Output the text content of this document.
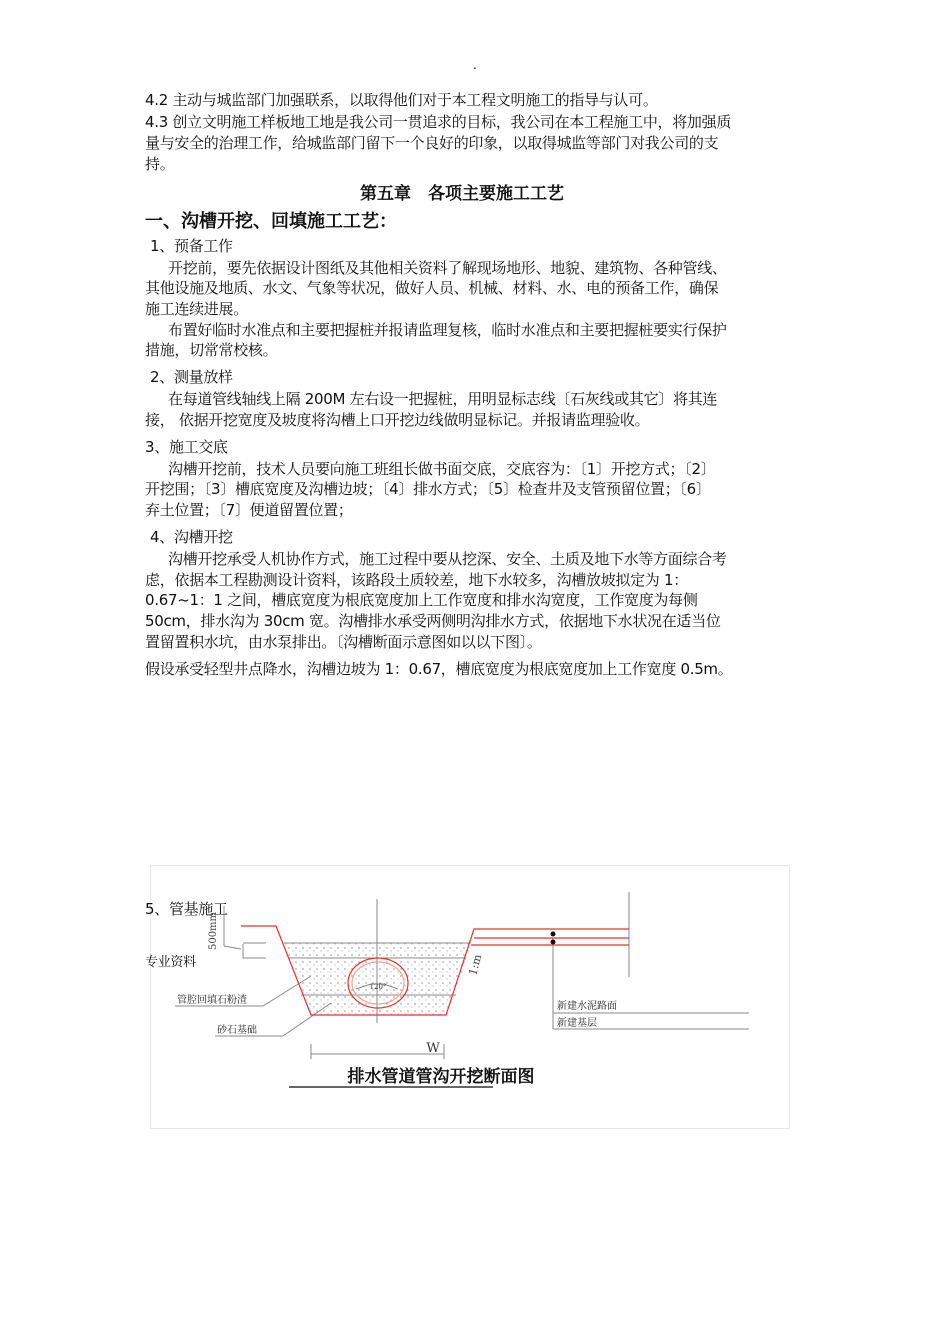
.
4.2 主动与城监部门加强联系，以取得他们对于本工程文明施工的指导与认可。
4.3 创立文明施工样板地工地是我公司一贯追求的目标，我公司在本工程施工中，将加强质
量与安全的治理工作，给城监部门留下一个良好的印象，以取得城监等部门对我公司的支
持。
第五章　各项主要施工工艺
一、沟槽开挖、回填施工工艺：
1、预备工作
开挖前，要先依据设计图纸及其他相关资料了解现场地形、地貌、建筑物、各种管线、
其他设施及地质、水文、气象等状况，做好人员、机械、材料、水、电的预备工作，确保
施工连续进展。
布置好临时水准点和主要把握桩并报请监理复核，临时水准点和主要把握桩要实行保护
措施，切常常校核。
2、测量放样
在每道管线轴线上隔 200M 左右设一把握桩，用明显标志线〔石灰线或其它〕将其连
接， 依据开挖宽度及坡度将沟槽上口开挖边线做明显标记。并报请监理验收。
3、施工交底
沟槽开挖前，技术人员要向施工班组长做书面交底，交底容为：〔1〕开挖方式；〔2〕
开挖围；〔3〕槽底宽度及沟槽边坡；〔4〕排水方式；〔5〕检查井及支管预留位置；〔6〕
弃土位置；〔7〕便道留置位置；
4、沟槽开挖
沟槽开挖承受人机协作方式，施工过程中要从挖深、安全、土质及地下水等方面综合考
虑，依据本工程勘测设计资料，该路段土质较差，地下水较多，沟槽放坡拟定为 1：
0.67~1：1 之间，槽底宽度为根底宽度加上工作宽度和排水沟宽度，工作宽度为每侧
50cm，排水沟为 30cm 宽。沟槽排水承受两侧明沟排水方式，依据地下水状况在适当位
置留置积水坑，由水泵排出。〔沟槽断面示意图如以以下图〕。
假设承受轻型井点降水，沟槽边坡为 1：0.67，槽底宽度为根底宽度加上工作宽度 0.5m。
500mm
1:m
120°
管腔回填石粉渣
砂石基础
新建水泥路面
新建基层
W
排水管道管沟开挖断面图
5、管基施工
专业资料
